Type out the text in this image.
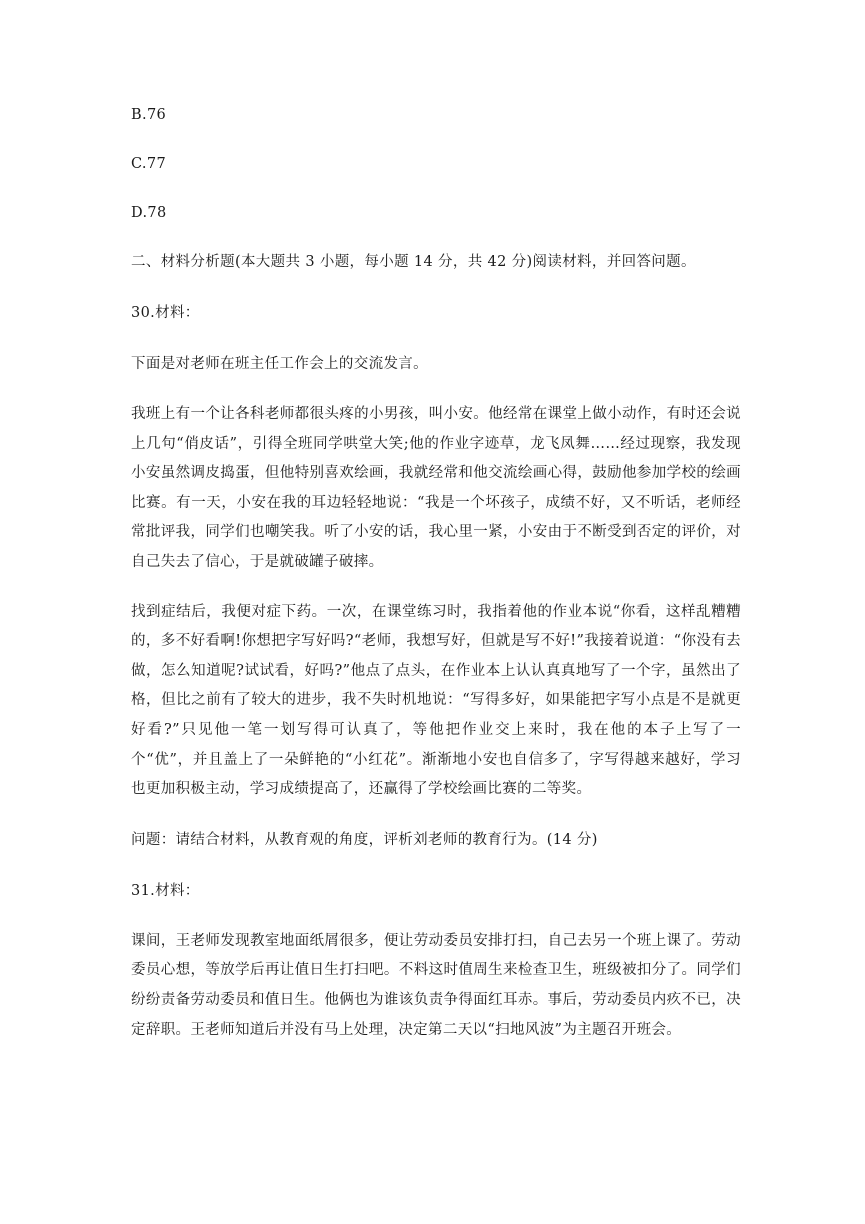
B.76
C.77
D.78
二、材料分析题(本大题共 3 小题，每小题 14 分，共 42 分)阅读材料，并回答问题。
30.材料：
下面是对老师在班主任工作会上的交流发言。
我班上有一个让各科老师都很头疼的小男孩，叫小安。他经常在课堂上做小动作，有时还会说上几句“俏皮话”，引得全班同学哄堂大笑;他的作业字迹草，龙飞凤舞……经过现察，我发现小安虽然调皮捣蛋，但他特别喜欢绘画，我就经常和他交流绘画心得，鼓励他参加学校的绘画比赛。有一天，小安在我的耳边轻轻地说：“我是一个坏孩子，成绩不好，又不听话，老师经常批评我，同学们也嘲笑我。听了小安的话，我心里一紧，小安由于不断受到否定的评价，对自己失去了信心，于是就破罐子破摔。
找到症结后，我便对症下药。一次，在课堂练习时，我指着他的作业本说“你看，这样乱糟糟的，多不好看啊!你想把字写好吗?“老师，我想写好，但就是写不好!”我接着说道：“你没有去做，怎么知道呢?试试看，好吗?”他点了点头，在作业本上认认真真地写了一个字，虽然出了格，但比之前有了较大的进步，我不失时机地说：“写得多好，如果能把字写小点是不是就更好看?”只见他一笔一划写得可认真了，等他把作业交上来时，我在他的本子上写了一个“优”，并且盖上了一朵鲜艳的“小红花”。渐渐地小安也自信多了，字写得越来越好，学习也更加积极主动，学习成绩提高了，还赢得了学校绘画比赛的二等奖。
问题：请结合材料，从教育观的角度，评析刘老师的教育行为。(14 分)
31.材料：
课间，王老师发现教室地面纸屑很多，便让劳动委员安排打扫，自己去另一个班上课了。劳动委员心想，等放学后再让值日生打扫吧。不料这时值周生来检查卫生，班级被扣分了。同学们纷纷责备劳动委员和值日生。他俩也为谁该负责争得面红耳赤。事后，劳动委员内疚不已，决定辞职。王老师知道后并没有马上处理，决定第二天以“扫地风波”为主题召开班会。
